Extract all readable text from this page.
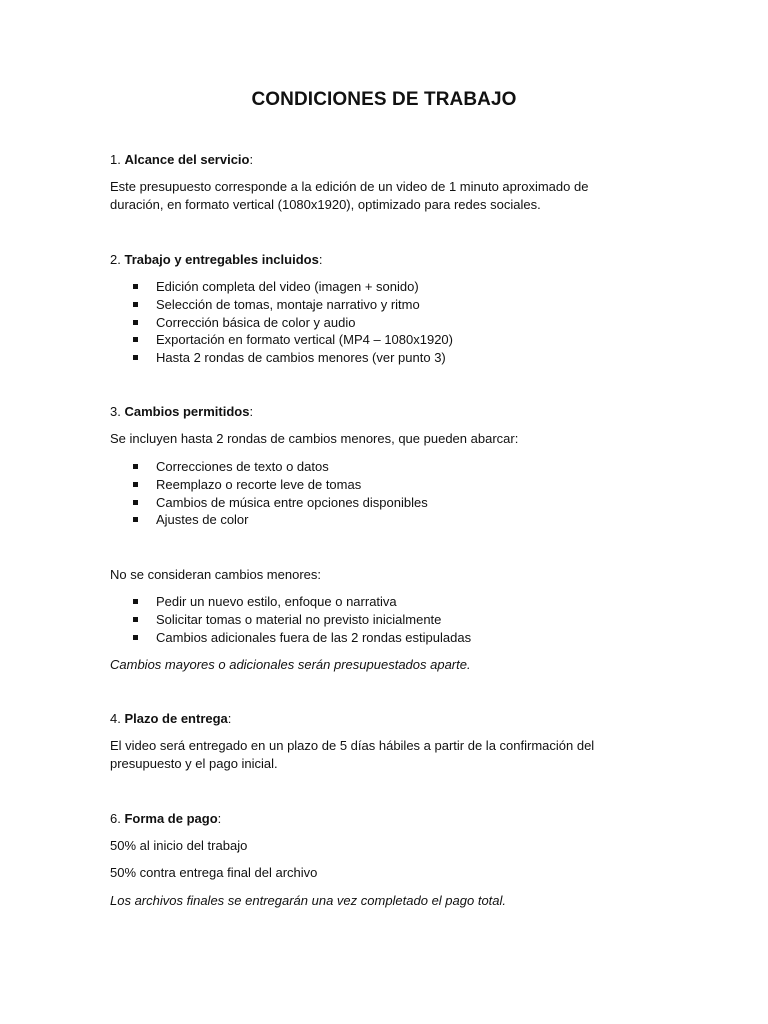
CONDICIONES DE TRABAJO

1. Alcance del servicio:

Este presupuesto corresponde a la edición de un video de 1 minuto aproximado de
duración, en formato vertical (1080x1920), optimizado para redes sociales.

2. Trabajo y entregables incluidos:

Edición completa del video (imagen + sonido)
Selección de tomas, montaje narrativo y ritmo
Corrección básica de color y audio
Exportación en formato vertical (MP4 – 1080x1920)
Hasta 2 rondas de cambios menores (ver punto 3)

3. Cambios permitidos:

Se incluyen hasta 2 rondas de cambios menores, que pueden abarcar:

Correcciones de texto o datos
Reemplazo o recorte leve de tomas
Cambios de música entre opciones disponibles
Ajustes de color

No se consideran cambios menores:

Pedir un nuevo estilo, enfoque o narrativa
Solicitar tomas o material no previsto inicialmente
Cambios adicionales fuera de las 2 rondas estipuladas

Cambios mayores o adicionales serán presupuestados aparte.

4. Plazo de entrega:

El video será entregado en un plazo de 5 días hábiles a partir de la confirmación del
presupuesto y el pago inicial.

6. Forma de pago:

50% al inicio del trabajo

50% contra entrega final del archivo

Los archivos finales se entregarán una vez completado el pago total.
